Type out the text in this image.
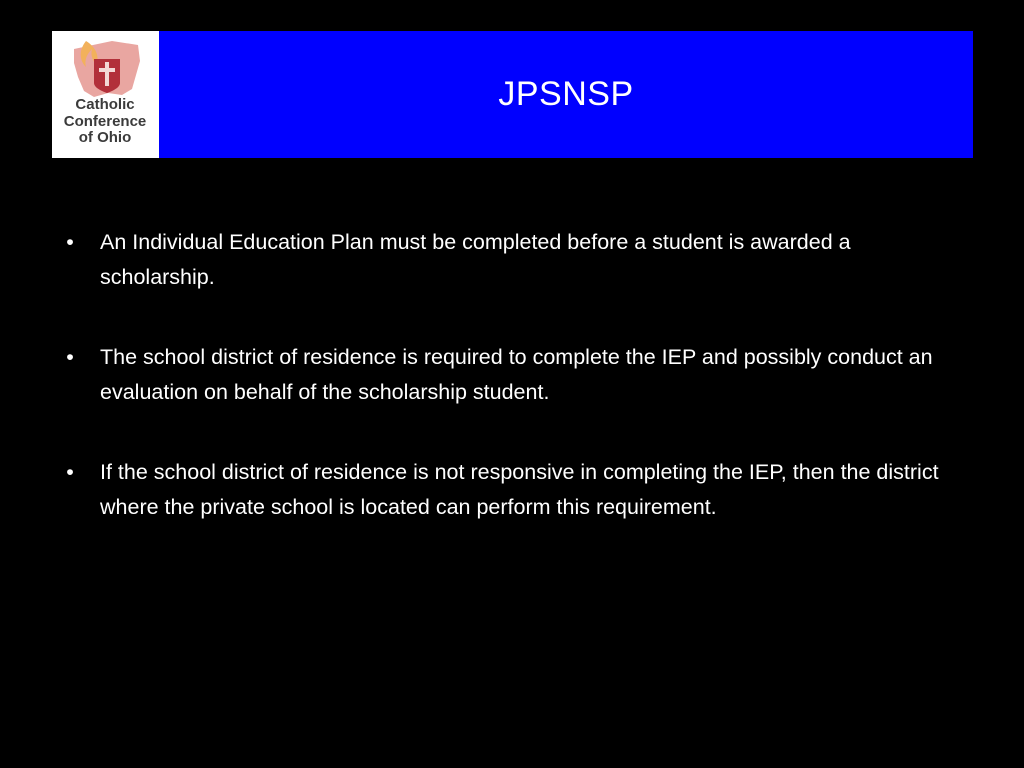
Catholic
Conference
of Ohio
JPSNSP
• An Individual Education Plan must be completed before a student is awarded a scholarship.
• The school district of residence is required to complete the IEP and possibly conduct an evaluation on behalf of the scholarship student.
• If the school district of residence is not responsive in completing the IEP, then the district where the private school is located can perform this requirement.
